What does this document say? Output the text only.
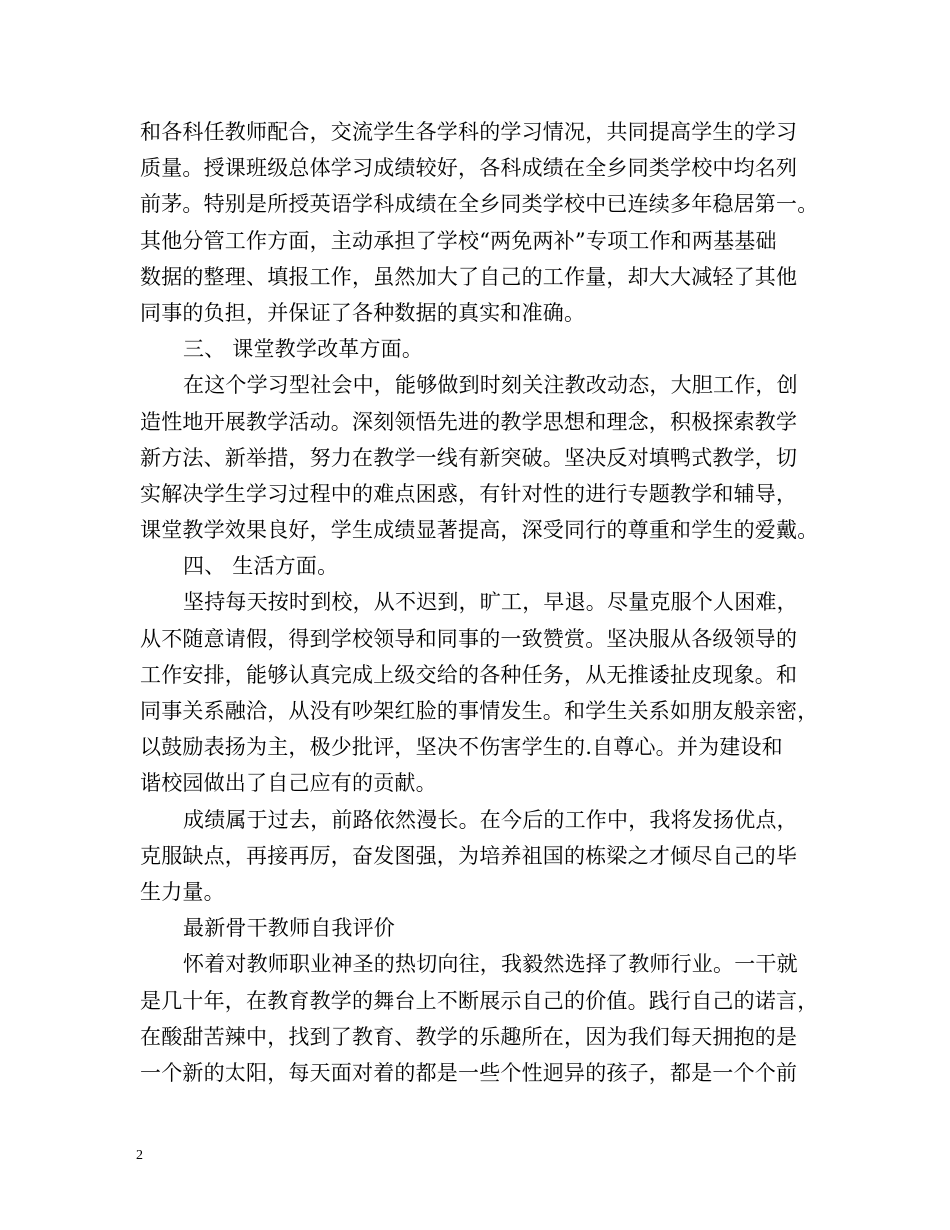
和各科任教师配合，交流学生各学科的学习情况，共同提高学生的学习
质量。授课班级总体学习成绩较好，各科成绩在全乡同类学校中均名列
前茅。特别是所授英语学科成绩在全乡同类学校中已连续多年稳居第一。
其他分管工作方面，主动承担了学校“两免两补”专项工作和两基基础
数据的整理、填报工作，虽然加大了自己的工作量，却大大减轻了其他
同事的负担，并保证了各种数据的真实和准确。
三、 课堂教学改革方面。
在这个学习型社会中，能够做到时刻关注教改动态，大胆工作，创
造性地开展教学活动。深刻领悟先进的教学思想和理念，积极探索教学
新方法、新举措，努力在教学一线有新突破。坚决反对填鸭式教学，切
实解决学生学习过程中的难点困惑，有针对性的进行专题教学和辅导，
课堂教学效果良好，学生成绩显著提高，深受同行的尊重和学生的爱戴。
四、 生活方面。
坚持每天按时到校，从不迟到，旷工，早退。尽量克服个人困难，
从不随意请假，得到学校领导和同事的一致赞赏。坚决服从各级领导的
工作安排，能够认真完成上级交给的各种任务，从无推诿扯皮现象。和
同事关系融洽，从没有吵架红脸的事情发生。和学生关系如朋友般亲密，
以鼓励表扬为主，极少批评，坚决不伤害学生的.自尊心。并为建设和
谐校园做出了自己应有的贡献。
成绩属于过去，前路依然漫长。在今后的工作中，我将发扬优点，
克服缺点，再接再厉，奋发图强，为培养祖国的栋梁之才倾尽自己的毕
生力量。
最新骨干教师自我评价
怀着对教师职业神圣的热切向往，我毅然选择了教师行业。一干就
是几十年，在教育教学的舞台上不断展示自己的价值。践行自己的诺言，
在酸甜苦辣中，找到了教育、教学的乐趣所在，因为我们每天拥抱的是
一个新的太阳，每天面对着的都是一些个性迥异的孩子，都是一个个前
2
